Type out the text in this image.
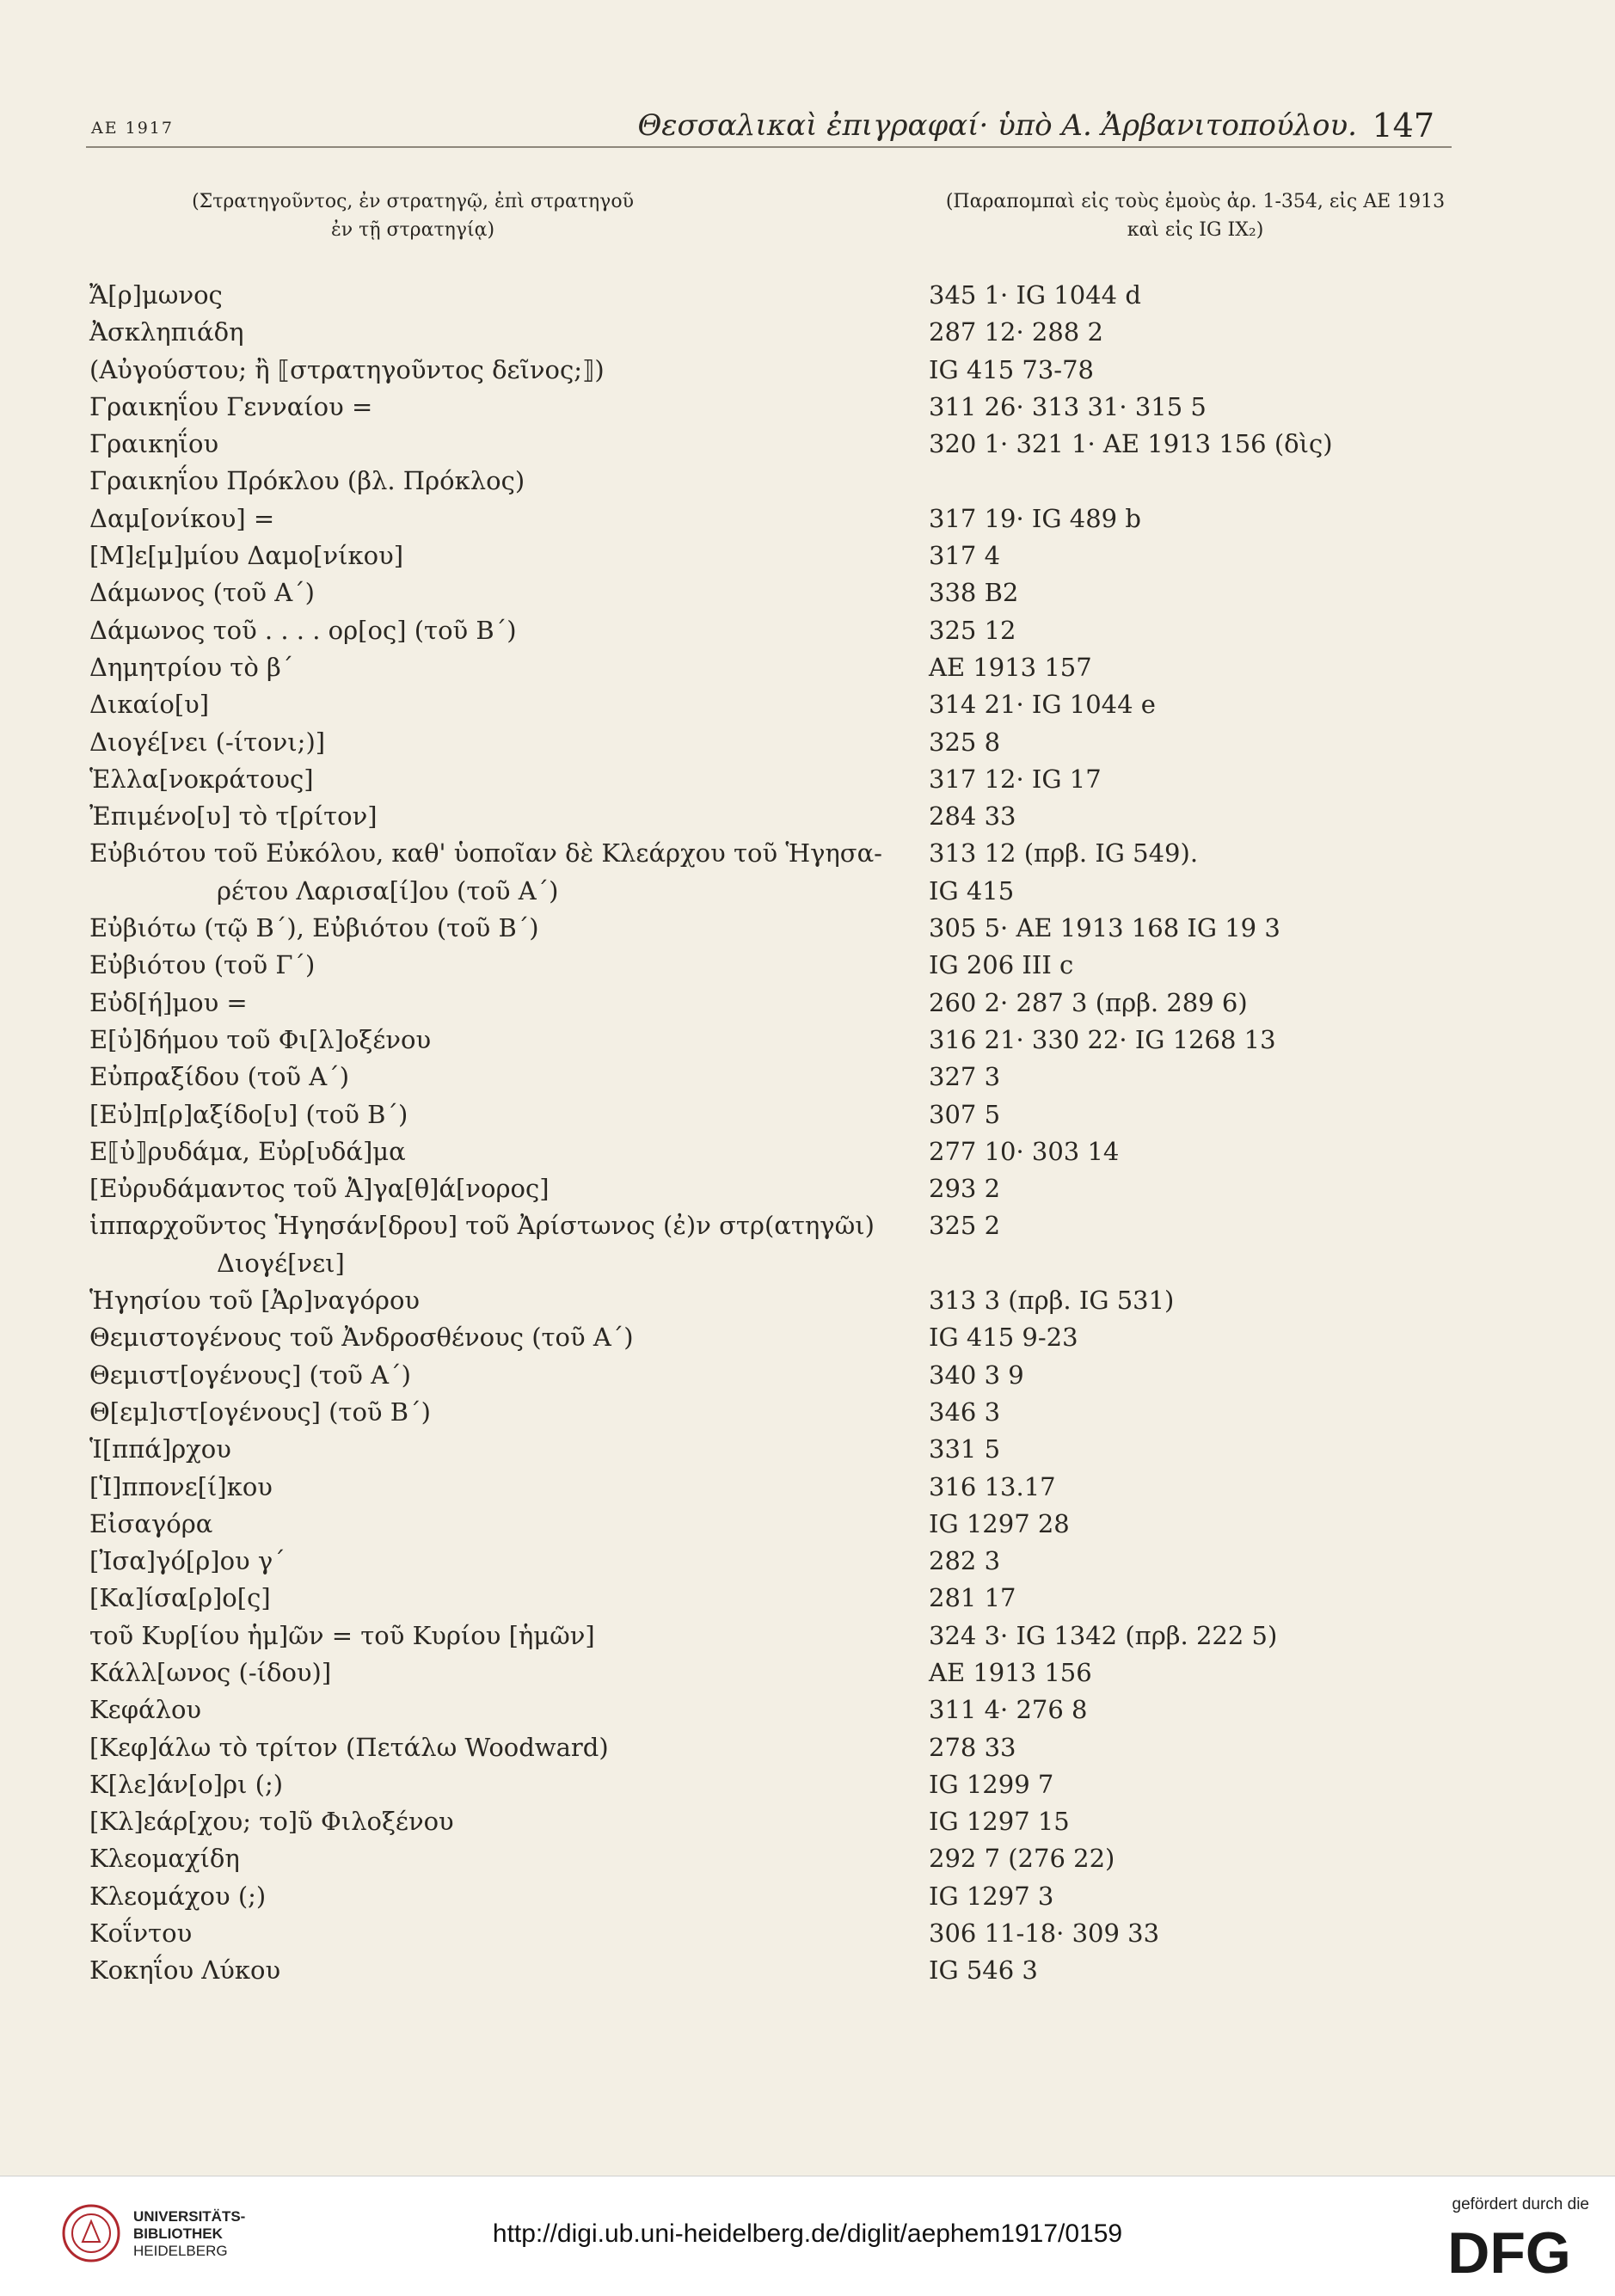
AE 1917	Θεσσαλικαὶ ἐπιγραφαί· ὑπὸ Α. Ἀρβανιτοπούλου. 147
(Στρατηγοῦντος, ἐν στρατηγῷ, ἐπὶ στρατηγοῦ
ἐν τῇ στρατηγίᾳ)
(Παραπομπαὶ εἰς τοὺς ἐμοὺς ἀρ. 1-354, εἰς AE 1913
καὶ εἰς IG IX₂)
Ἄ[ρ]μωνος	345 1· IG 1044 d
Ἀσκληπιάδη	287 12· 288 2
(Αὐγούστου; ἢ ⟦στρατηγοῦντος δεῖνος;⟧)	IG 415 73-78
Γραικηΐου Γενναίου =	311 26· 313 31· 315 5
Γραικηΐου	320 1· 321 1· AE 1913 156 (δὶς)
Γραικηΐου Πρόκλου (βλ. Πρόκλος)
Δαμ[ονίκου] =	317 19· IG 489 b
[Μ]ε[μ]μίου Δαμο[νίκου]	317 4
Δάμωνος (τοῦ Α΄)	338 Β2
Δάμωνος τοῦ . . . . ορ[ος] (τοῦ Β΄)	325 12
Δημητρίου τὸ β΄	AE 1913 157
Δικαίο[υ]	314 21· IG 1044 e
Διογέ[νει (-ίτονι;)]	325 8
Ἑλλα[νοκράτους]	317 12· IG 17
Ἐπιμένο[υ] τὸ τ[ρίτον]	284 33
Εὐβιότου τοῦ Εὐκόλου, καθ' ὑοποῖαν δὲ Κλεάρχου τοῦ Ἡγησα- 313 12 (πρβ. IG 549).
ρέτου Λαρισα[ί]ου (τοῦ Α΄)	IG 415
Εὐβιότω (τῷ Β΄), Εὐβιότου (τοῦ Β΄)	305 5· AE 1913 168 IG 19 3
Εὐβιότου (τοῦ Γ΄)	IG 206 III c
Εὐδ[ή]μου =	260 2· 287 3 (πρβ. 289 6)
Ε[ὐ]δήμου τοῦ Φι[λ]οξένου	316 21· 330 22· IG 1268 13
Εὐπραξίδου (τοῦ Α΄)	327 3
[Εὐ]π[ρ]αξίδο[υ] (τοῦ Β΄)	307 5
Ε⟦ὐ⟧ρυδάμα, Εὐρ[υδά]μα	277 10· 303 14
[Εὐρυδάμαντος τοῦ Ἀ]γα[θ]ά[νορος]	293 2
ἱππαρχοῦντος Ἡγησάν[δρου] τοῦ Ἀρίστωνος (ἐ)ν στρ(ατηγῶι) 325 2
Διογέ[νει]
Ἡγησίου τοῦ [Ἀρ]ναγόρου	313 3 (πρβ. IG 531)
Θεμιστογένους τοῦ Ἀνδροσθένους (τοῦ Α΄)	IG 415 9-23
Θεμιστ[ογένους] (τοῦ Α΄)	340 3 9
Θ[εμ]ιστ[ογένους] (τοῦ Β΄)	346 3
Ἱ[ππά]ρχου	331 5
[Ἱ]ππονε[ί]κου	316 13.17
Εἰσαγόρα	IG 1297 28
[Ἰσα]γό[ρ]ου γ΄	282 3
[Κα]ίσα[ρ]ο[ς]	281 17
τοῦ Κυρ[ίου ἡμ]ῶν = τοῦ Κυρίου [ἡμῶν]	324 3· IG 1342 (πρβ. 222 5)
Κάλλ[ωνος (-ίδου)]	AE 1913 156
Κεφάλου	311 4· 276 8
[Κεφ]άλω τὸ τρίτον (Πετάλω Woodward)	278 33
Κ[λε]άν[ο]ρι (;)	IG 1299 7
[Κλ]εάρ[χου; το]ῦ Φιλοξένου	IG 1297 15
Κλεομαχίδη	292 7 (276 22)
Κλεομάχου (;)	IG 1297 3
Κοΐντου	306 11-18· 309 33
Κοκηΐου Λύκου	IG 546 3
UNIVERSITÄTS-
BIBLIOTHEK
HEIDELBERG
http://digi.ub.uni-heidelberg.de/diglit/aephem1917/0159
gefördert durch die
DFG
